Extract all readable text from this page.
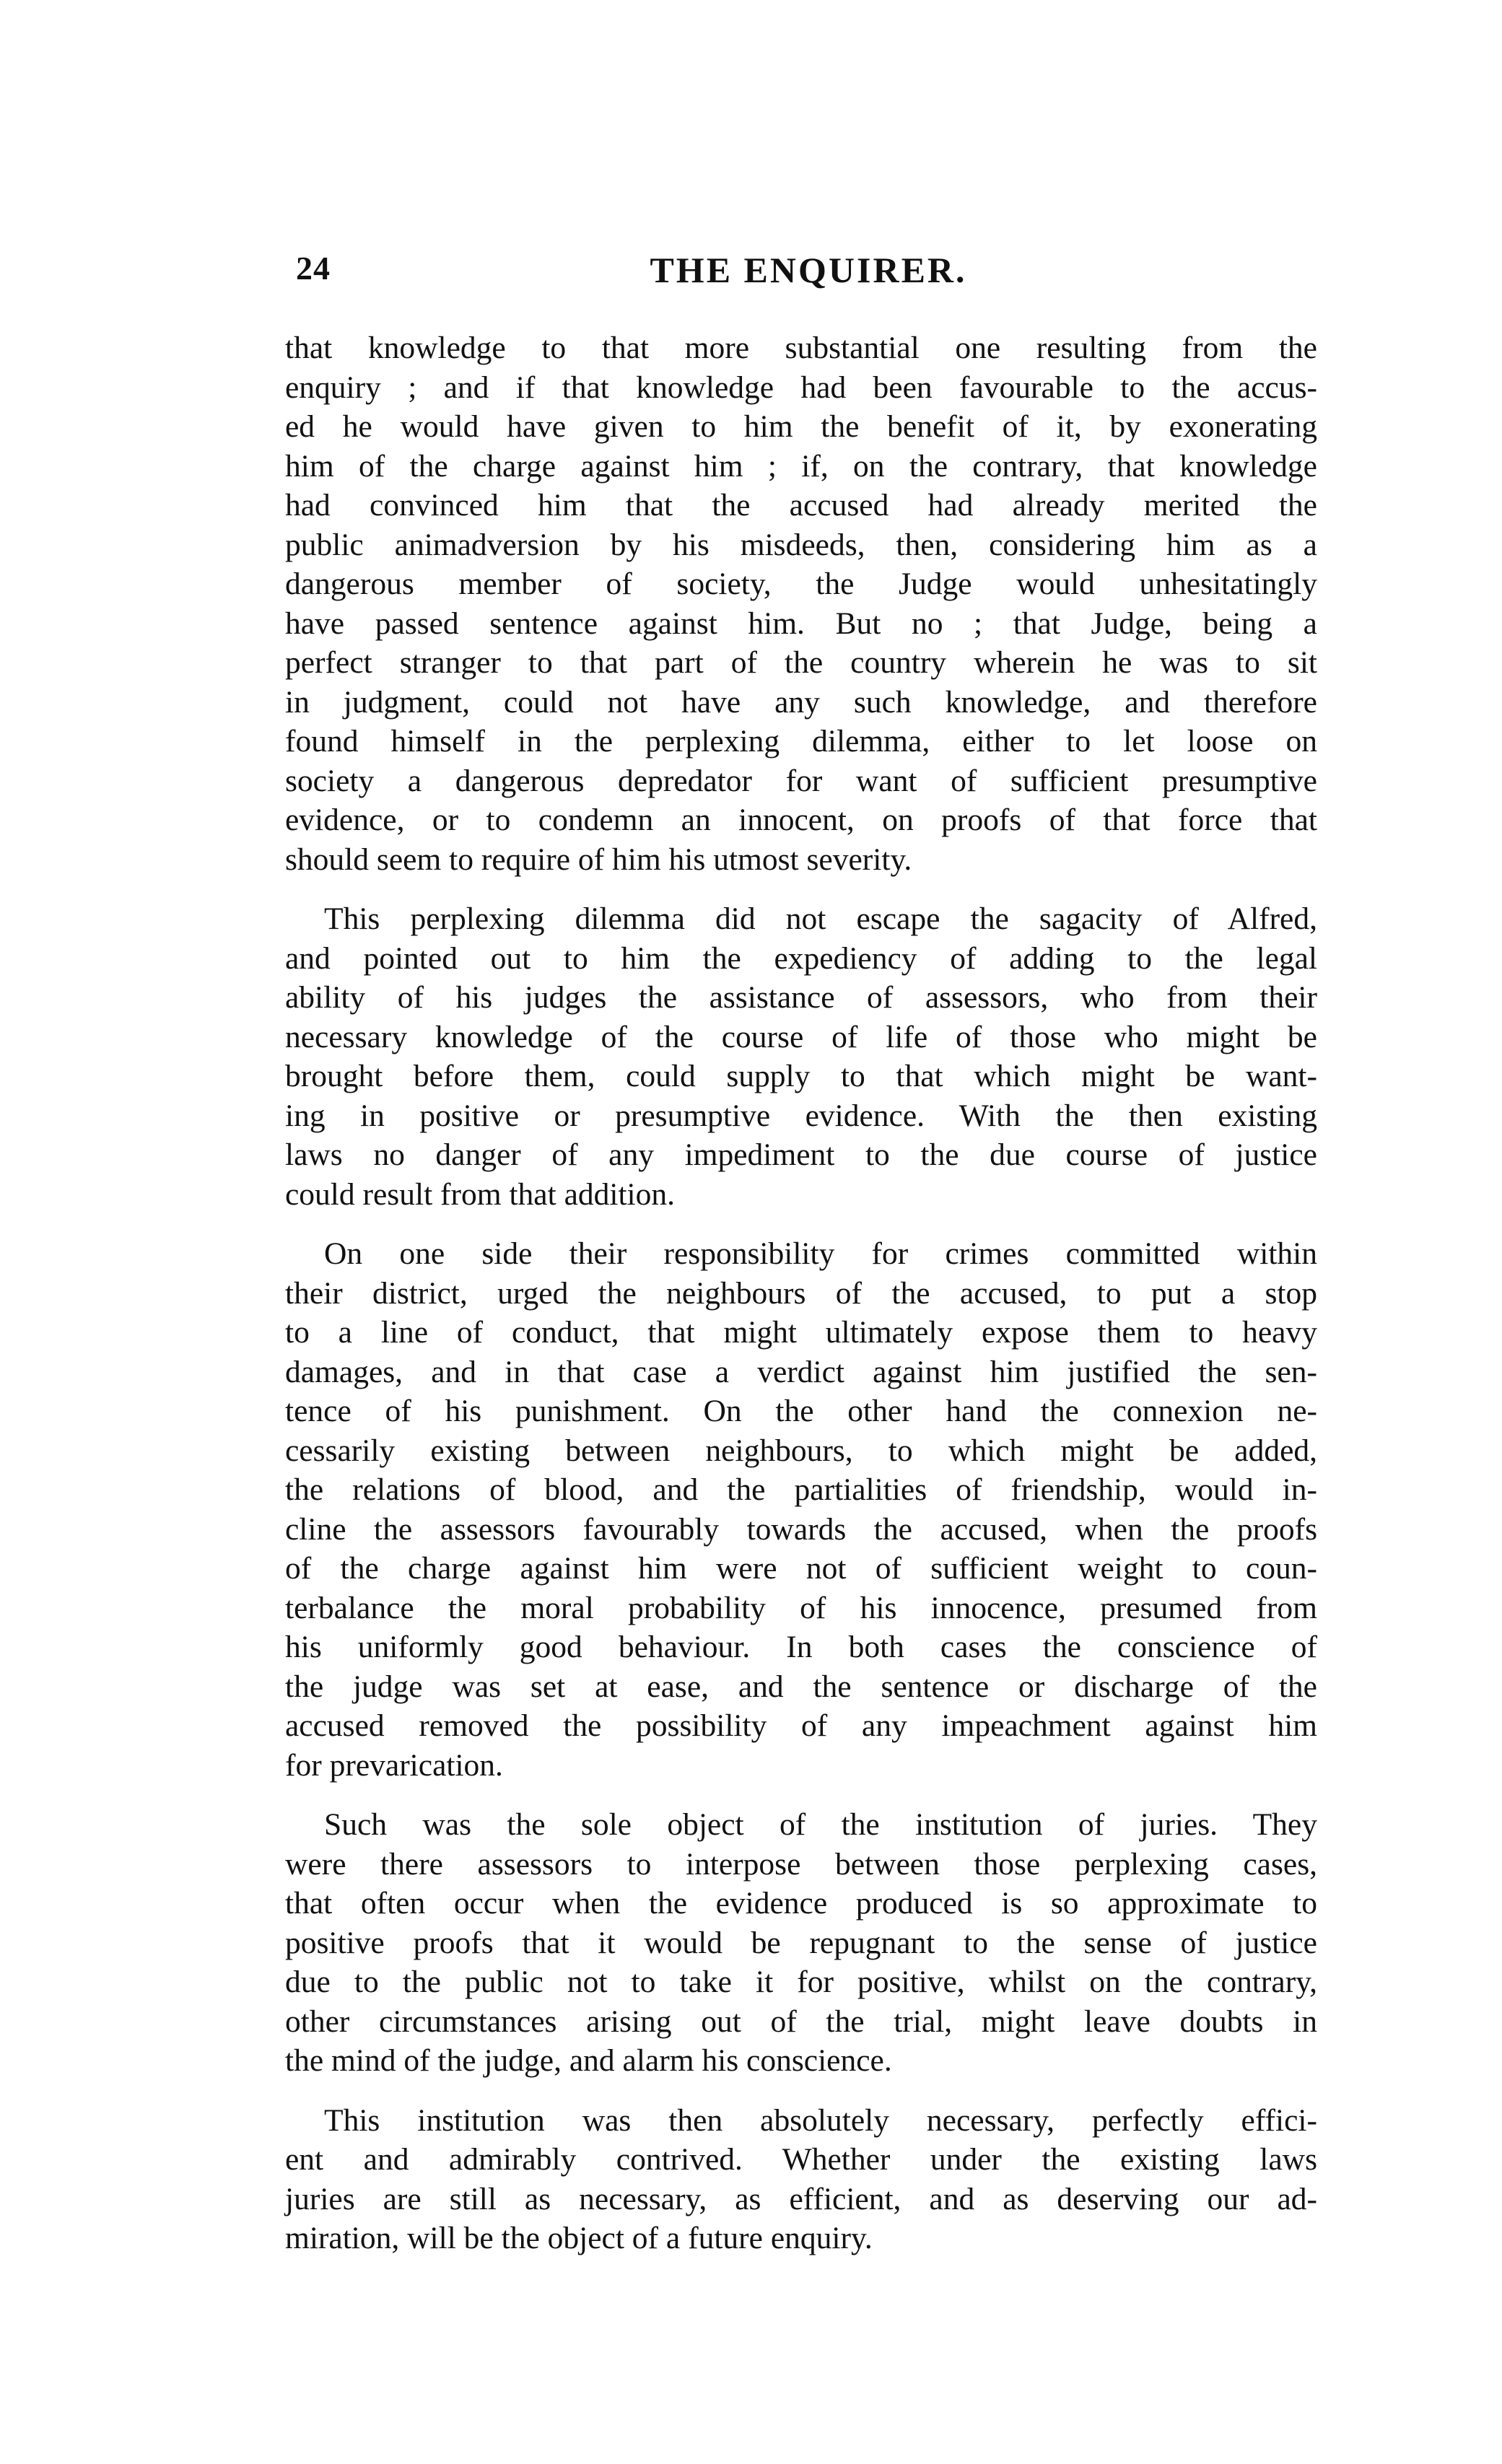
24	THE ENQUIRER.
that knowledge to that more substantial one resulting from the
enquiry ; and if that knowledge had been favourable to the accus-
ed he would have given to him the benefit of it, by exonerating
him of the charge against him ; if, on the contrary, that knowledge
had convinced him that the accused had already merited the
public animadversion by his misdeeds, then, considering him as a
dangerous member of society, the Judge would unhesitatingly
have passed sentence against him. But no ; that Judge, being a
perfect stranger to that part of the country wherein he was to sit
in judgment, could not have any such knowledge, and therefore
found himself in the perplexing dilemma, either to let loose on
society a dangerous depredator for want of sufficient presumptive
evidence, or to condemn an innocent, on proofs of that force that
should seem to require of him his utmost severity.
This perplexing dilemma did not escape the sagacity of Alfred,
and pointed out to him the expediency of adding to the legal
ability of his judges the assistance of assessors, who from their
necessary knowledge of the course of life of those who might be
brought before them, could supply to that which might be want-
ing in positive or presumptive evidence. With the then existing
laws no danger of any impediment to the due course of justice
could result from that addition.
On one side their responsibility for crimes committed within
their district, urged the neighbours of the accused, to put a stop
to a line of conduct, that might ultimately expose them to heavy
damages, and in that case a verdict against him justified the sen-
tence of his punishment. On the other hand the connexion ne-
cessarily existing between neighbours, to which might be added,
the relations of blood, and the partialities of friendship, would in-
cline the assessors favourably towards the accused, when the proofs
of the charge against him were not of sufficient weight to coun-
terbalance the moral probability of his innocence, presumed from
his uniformly good behaviour. In both cases the conscience of
the judge was set at ease, and the sentence or discharge of the
accused removed the possibility of any impeachment against him
for prevarication.
Such was the sole object of the institution of juries. They
were there assessors to interpose between those perplexing cases,
that often occur when the evidence produced is so approximate to
positive proofs that it would be repugnant to the sense of justice
due to the public not to take it for positive, whilst on the contrary,
other circumstances arising out of the trial, might leave doubts in
the mind of the judge, and alarm his conscience.
This institution was then absolutely necessary, perfectly effici-
ent and admirably contrived. Whether under the existing laws
juries are still as necessary, as efficient, and as deserving our ad-
miration, will be the object of a future enquiry.
